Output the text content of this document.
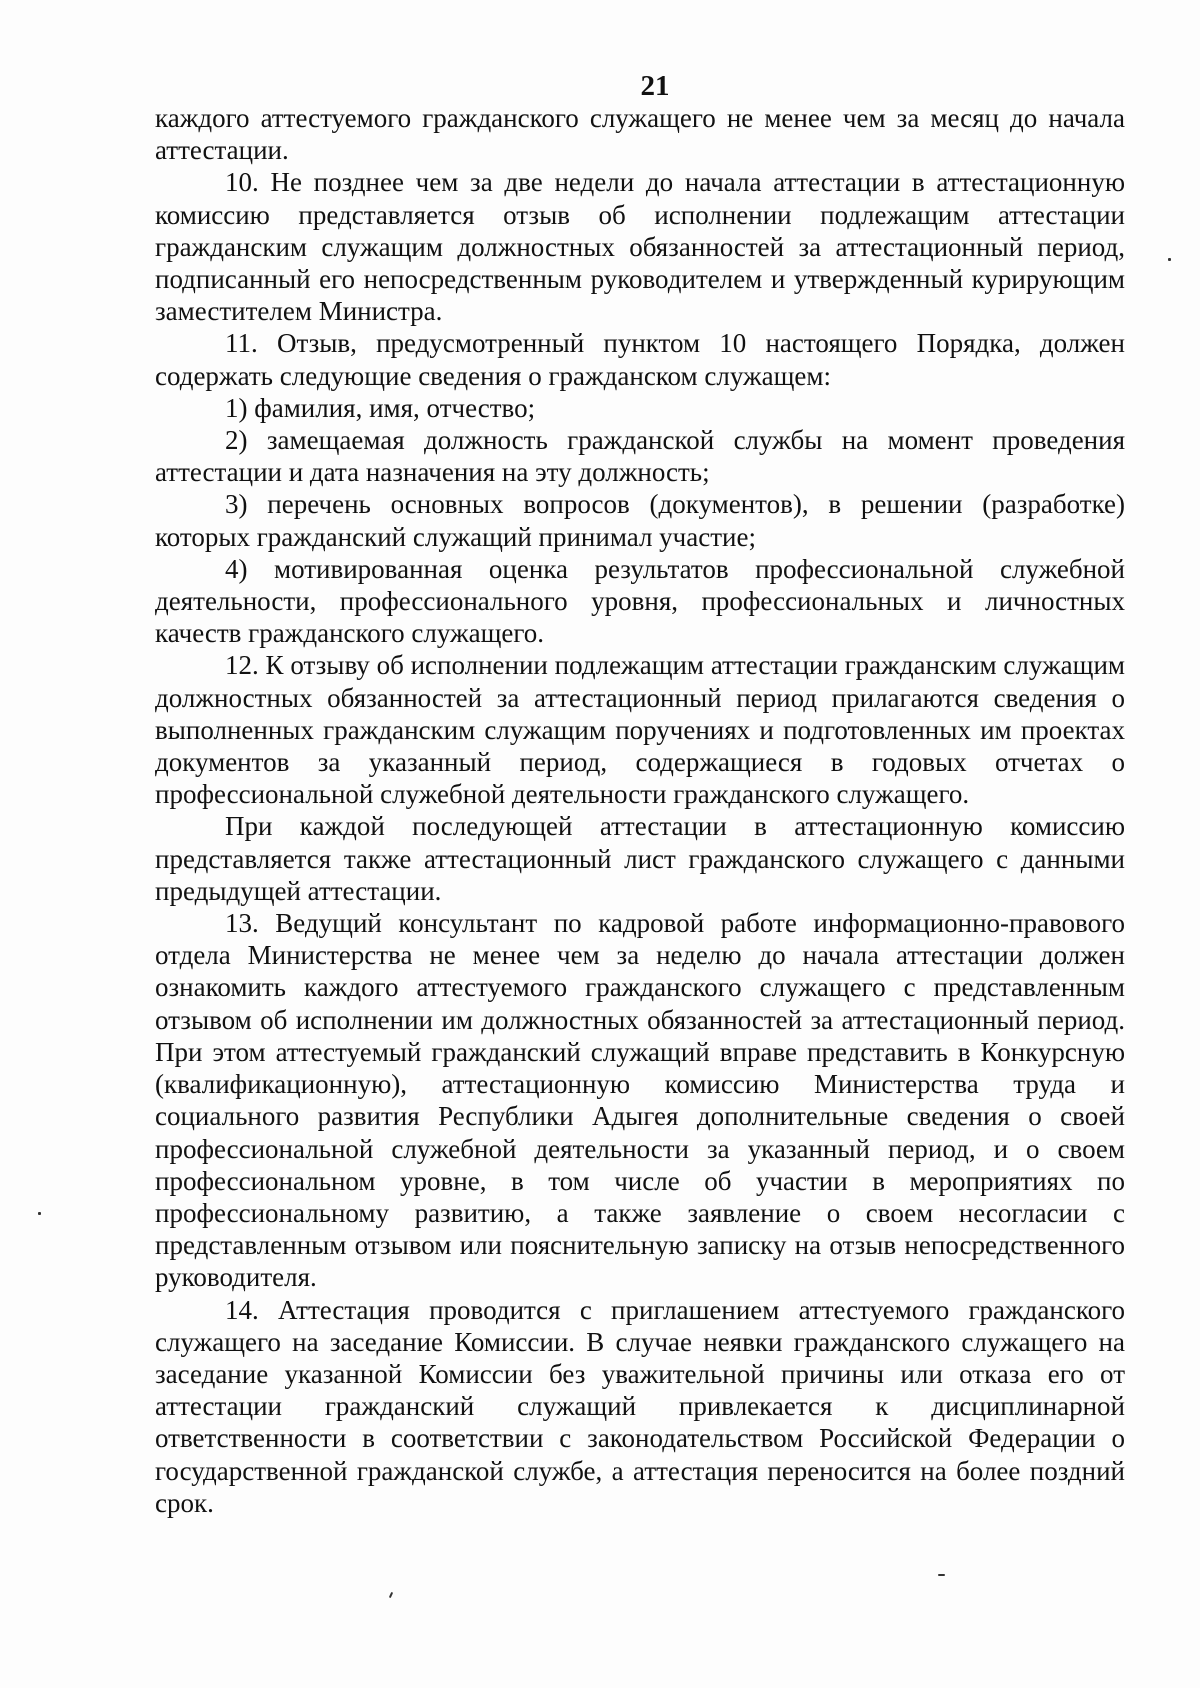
21

каждого аттестуемого гражданского служащего не менее чем за месяц до начала аттестации.

10. Не позднее чем за две недели до начала аттестации в аттестационную комиссию представляется отзыв об исполнении подлежащим аттестации гражданским служащим должностных обязанностей за аттестационный период, подписанный его непосредственным руководителем и утвержденный курирующим заместителем Министра.

11. Отзыв, предусмотренный пунктом 10 настоящего Порядка, должен содержать следующие сведения о гражданском служащем:

1) фамилия, имя, отчество;

2) замещаемая должность гражданской службы на момент проведения аттестации и дата назначения на эту должность;

3) перечень основных вопросов (документов), в решении (разработке) которых гражданский служащий принимал участие;

4) мотивированная оценка результатов профессиональной служебной деятельности, профессионального уровня, профессиональных и личностных качеств гражданского служащего.

12. К отзыву об исполнении подлежащим аттестации гражданским служащим должностных обязанностей за аттестационный период прилагаются сведения о выполненных гражданским служащим поручениях и подготовленных им проектах документов за указанный период, содержащиеся в годовых отчетах о профессиональной служебной деятельности гражданского служащего.

При каждой последующей аттестации в аттестационную комиссию представляется также аттестационный лист гражданского служащего с данными предыдущей аттестации.

13. Ведущий консультант по кадровой работе информационно-правового отдела Министерства не менее чем за неделю до начала аттестации должен ознакомить каждого аттестуемого гражданского служащего с представленным отзывом об исполнении им должностных обязанностей за аттестационный период. При этом аттестуемый гражданский служащий вправе представить в Конкурсную (квалификационную), аттестационную комиссию Министерства труда и социального развития Республики Адыгея дополнительные сведения о своей профессиональной служебной деятельности за указанный период, и о своем профессиональном уровне, в том числе об участии в мероприятиях по профессиональному развитию, а также заявление о своем несогласии с представленным отзывом или пояснительную записку на отзыв непосредственного руководителя.

14. Аттестация проводится с приглашением аттестуемого гражданского служащего на заседание Комиссии. В случае неявки гражданского служащего на заседание указанной Комиссии без уважительной причины или отказа его от аттестации гражданский служащий привлекается к дисциплинарной ответственности в соответствии с законодательством Российской Федерации о государственной гражданской службе, а аттестация переносится на более поздний срок.
